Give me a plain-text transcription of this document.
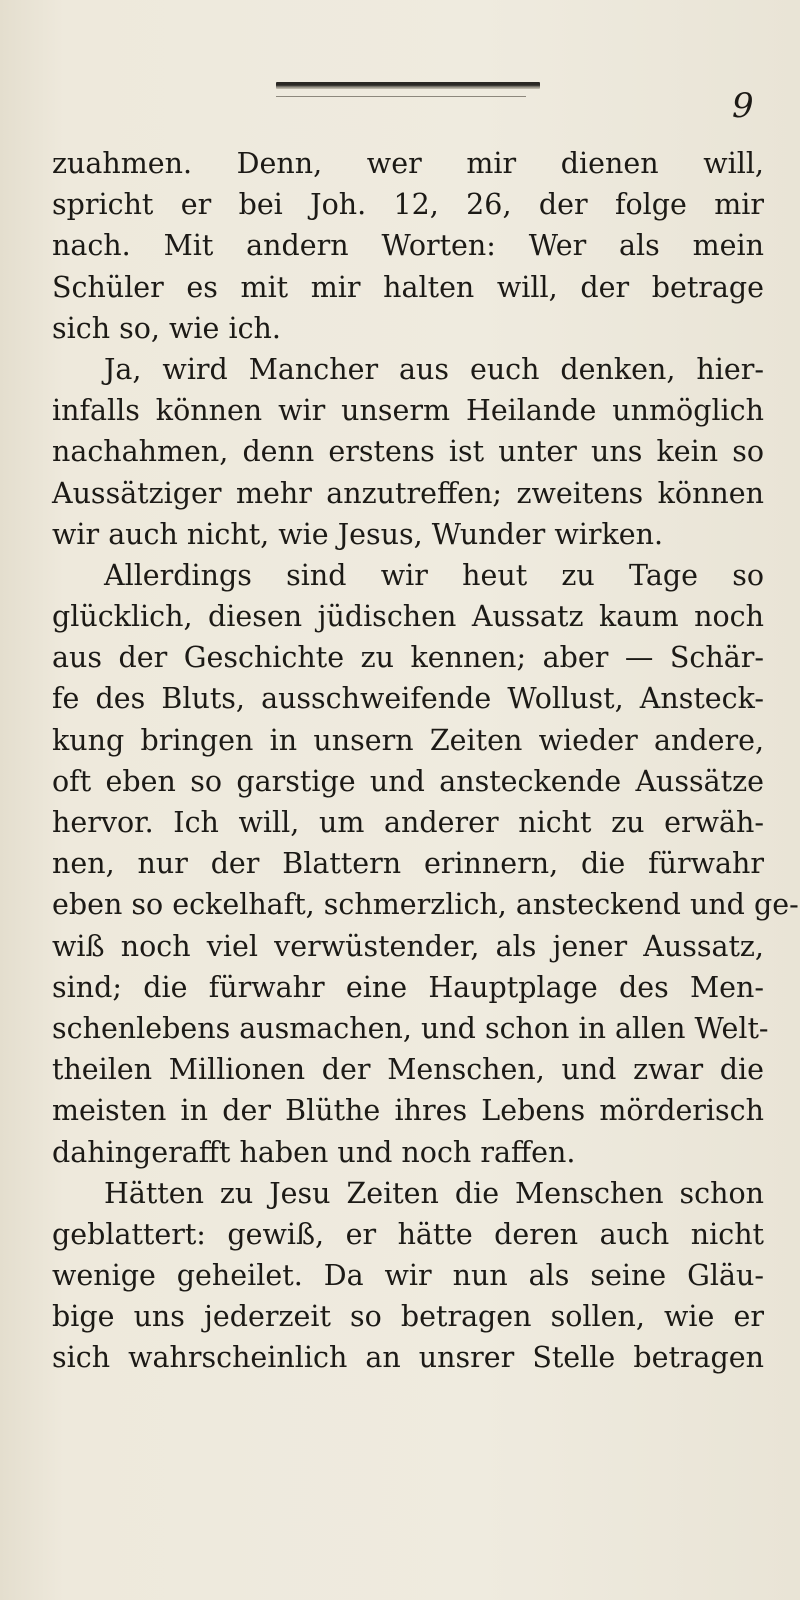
9
zuahmen. Denn, wer mir dienen will,
spricht er bei Joh. 12, 26, der folge mir
nach. Mit andern Worten: Wer als mein
Schüler es mit mir halten will, der betrage
sich so, wie ich.
Ja, wird Mancher aus euch denken, hier-
infalls können wir unserm Heilande unmöglich
nachahmen, denn erstens ist unter uns kein so
Aussätziger mehr anzutreffen; zweitens können
wir auch nicht, wie Jesus, Wunder wirken.
Allerdings sind wir heut zu Tage so
glücklich, diesen jüdischen Aussatz kaum noch
aus der Geschichte zu kennen; aber — Schär-
fe des Bluts, ausschweifende Wollust, Ansteck-
kung bringen in unsern Zeiten wieder andere,
oft eben so garstige und ansteckende Aussätze
hervor. Ich will, um anderer nicht zu erwäh-
nen, nur der Blattern erinnern, die fürwahr
eben so eckelhaft, schmerzlich, ansteckend und ge-
wiß noch viel verwüstender, als jener Aussatz,
sind; die fürwahr eine Hauptplage des Men-
schenlebens ausmachen, und schon in allen Welt-
theilen Millionen der Menschen, und zwar die
meisten in der Blüthe ihres Lebens mörderisch
dahingerafft haben und noch raffen.
Hätten zu Jesu Zeiten die Menschen schon
geblattert: gewiß, er hätte deren auch nicht
wenige geheilet. Da wir nun als seine Gläu-
bige uns jederzeit so betragen sollen, wie er
sich wahrscheinlich an unsrer Stelle betragen
